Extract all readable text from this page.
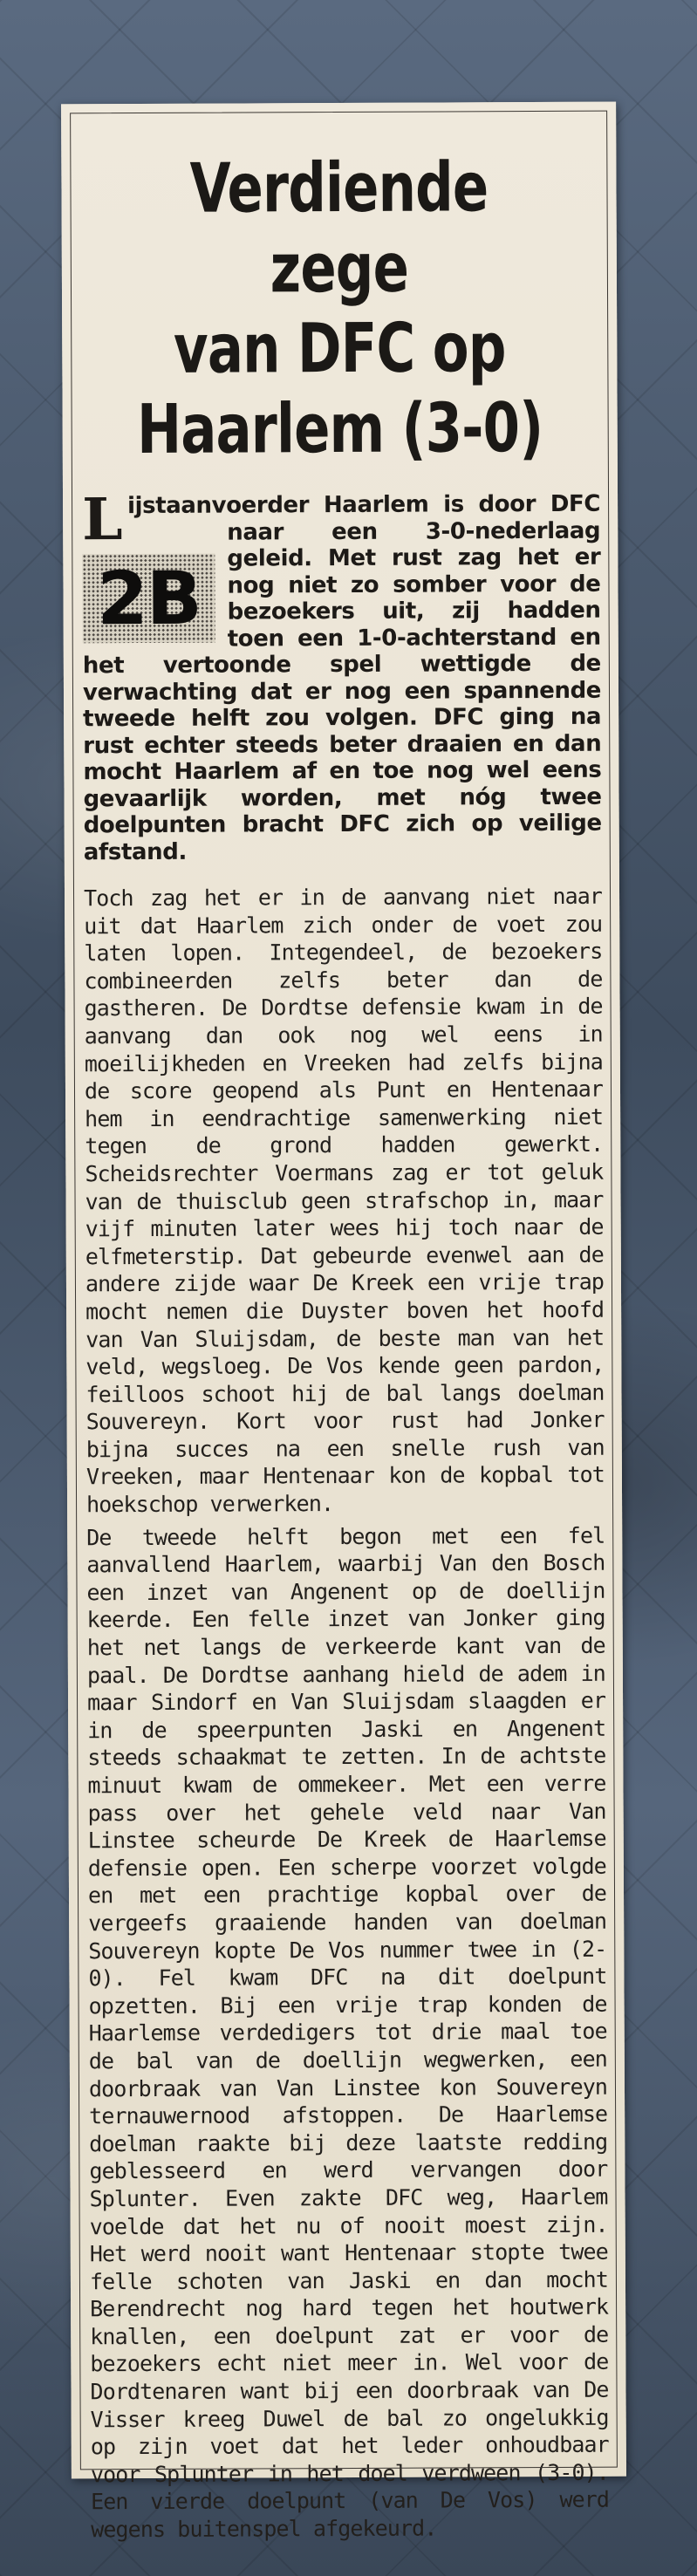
Verdiende zege
van DFC op
Haarlem (3-0)
L
2B
ijstaanvoerder Haarlem is door DFC naar een 3-0-nederlaag geleid. Met rust zag het er nog niet zo somber voor de bezoekers uit, zij hadden toen een 1-0-achterstand en het vertoonde spel wettigde de verwachting dat er nog een spannende tweede helft zou volgen. DFC ging na rust echter steeds beter draaien en dan mocht Haarlem af en toe nog wel eens gevaarlijk worden, met nóg twee doelpunten bracht DFC zich op veilige afstand.

Toch zag het er in de aanvang niet naar uit dat Haarlem zich onder de voet zou laten lopen. Integendeel, de bezoekers combineerden zelfs beter dan de gastheren. De Dordtse defensie kwam in de aanvang dan ook nog wel eens in moeilijkheden en Vreeken had zelfs bijna de score geopend als Punt en Hentenaar hem in eendrachtige samenwerking niet tegen de grond hadden gewerkt. Scheidsrechter Voermans zag er tot geluk van de thuisclub geen strafschop in, maar vijf minuten later wees hij toch naar de elfmeterstip. Dat gebeurde evenwel aan de andere zijde waar De Kreek een vrije trap mocht nemen die Duyster boven het hoofd van Van Sluijsdam, de beste man van het veld, wegsloeg. De Vos kende geen pardon, feilloos schoot hij de bal langs doelman Souvereyn. Kort voor rust had Jonker bijna succes na een snelle rush van Vreeken, maar Hentenaar kon de kopbal tot hoekschop verwerken.

De tweede helft begon met een fel aanvallend Haarlem, waarbij Van den Bosch een inzet van Angenent op de doellijn keerde. Een felle inzet van Jonker ging het net langs de verkeerde kant van de paal. De Dordtse aanhang hield de adem in maar Sindorf en Van Sluijsdam slaagden er in de speerpunten Jaski en Angenent steeds schaakmat te zetten. In de achtste minuut kwam de ommekeer. Met een verre pass over het gehele veld naar Van Linstee scheurde De Kreek de Haarlemse defensie open. Een scherpe voorzet volgde en met een prachtige kopbal over de vergeefs graaiende handen van doelman Souvereyn kopte De Vos nummer twee in (2-0). Fel kwam DFC na dit doelpunt opzetten. Bij een vrije trap konden de Haarlemse verdedigers tot drie maal toe de bal van de doellijn wegwerken, een doorbraak van Van Linstee kon Souvereyn ternauwernood afstoppen. De Haarlemse doelman raakte bij deze laatste redding geblesseerd en werd vervangen door Splunter. Even zakte DFC weg, Haarlem voelde dat het nu of nooit moest zijn. Het werd nooit want Hentenaar stopte twee felle schoten van Jaski en dan mocht Berendrecht nog hard tegen het houtwerk knallen, een doelpunt zat er voor de bezoekers echt niet meer in. Wel voor de Dordtenaren want bij een doorbraak van De Visser kreeg Duwel de bal zo ongelukkig op zijn voet dat het leder onhoudbaar voor Splunter in het doel verdween (3-0). Een vierde doelpunt (van De Vos) werd wegens buitenspel afgekeurd.
